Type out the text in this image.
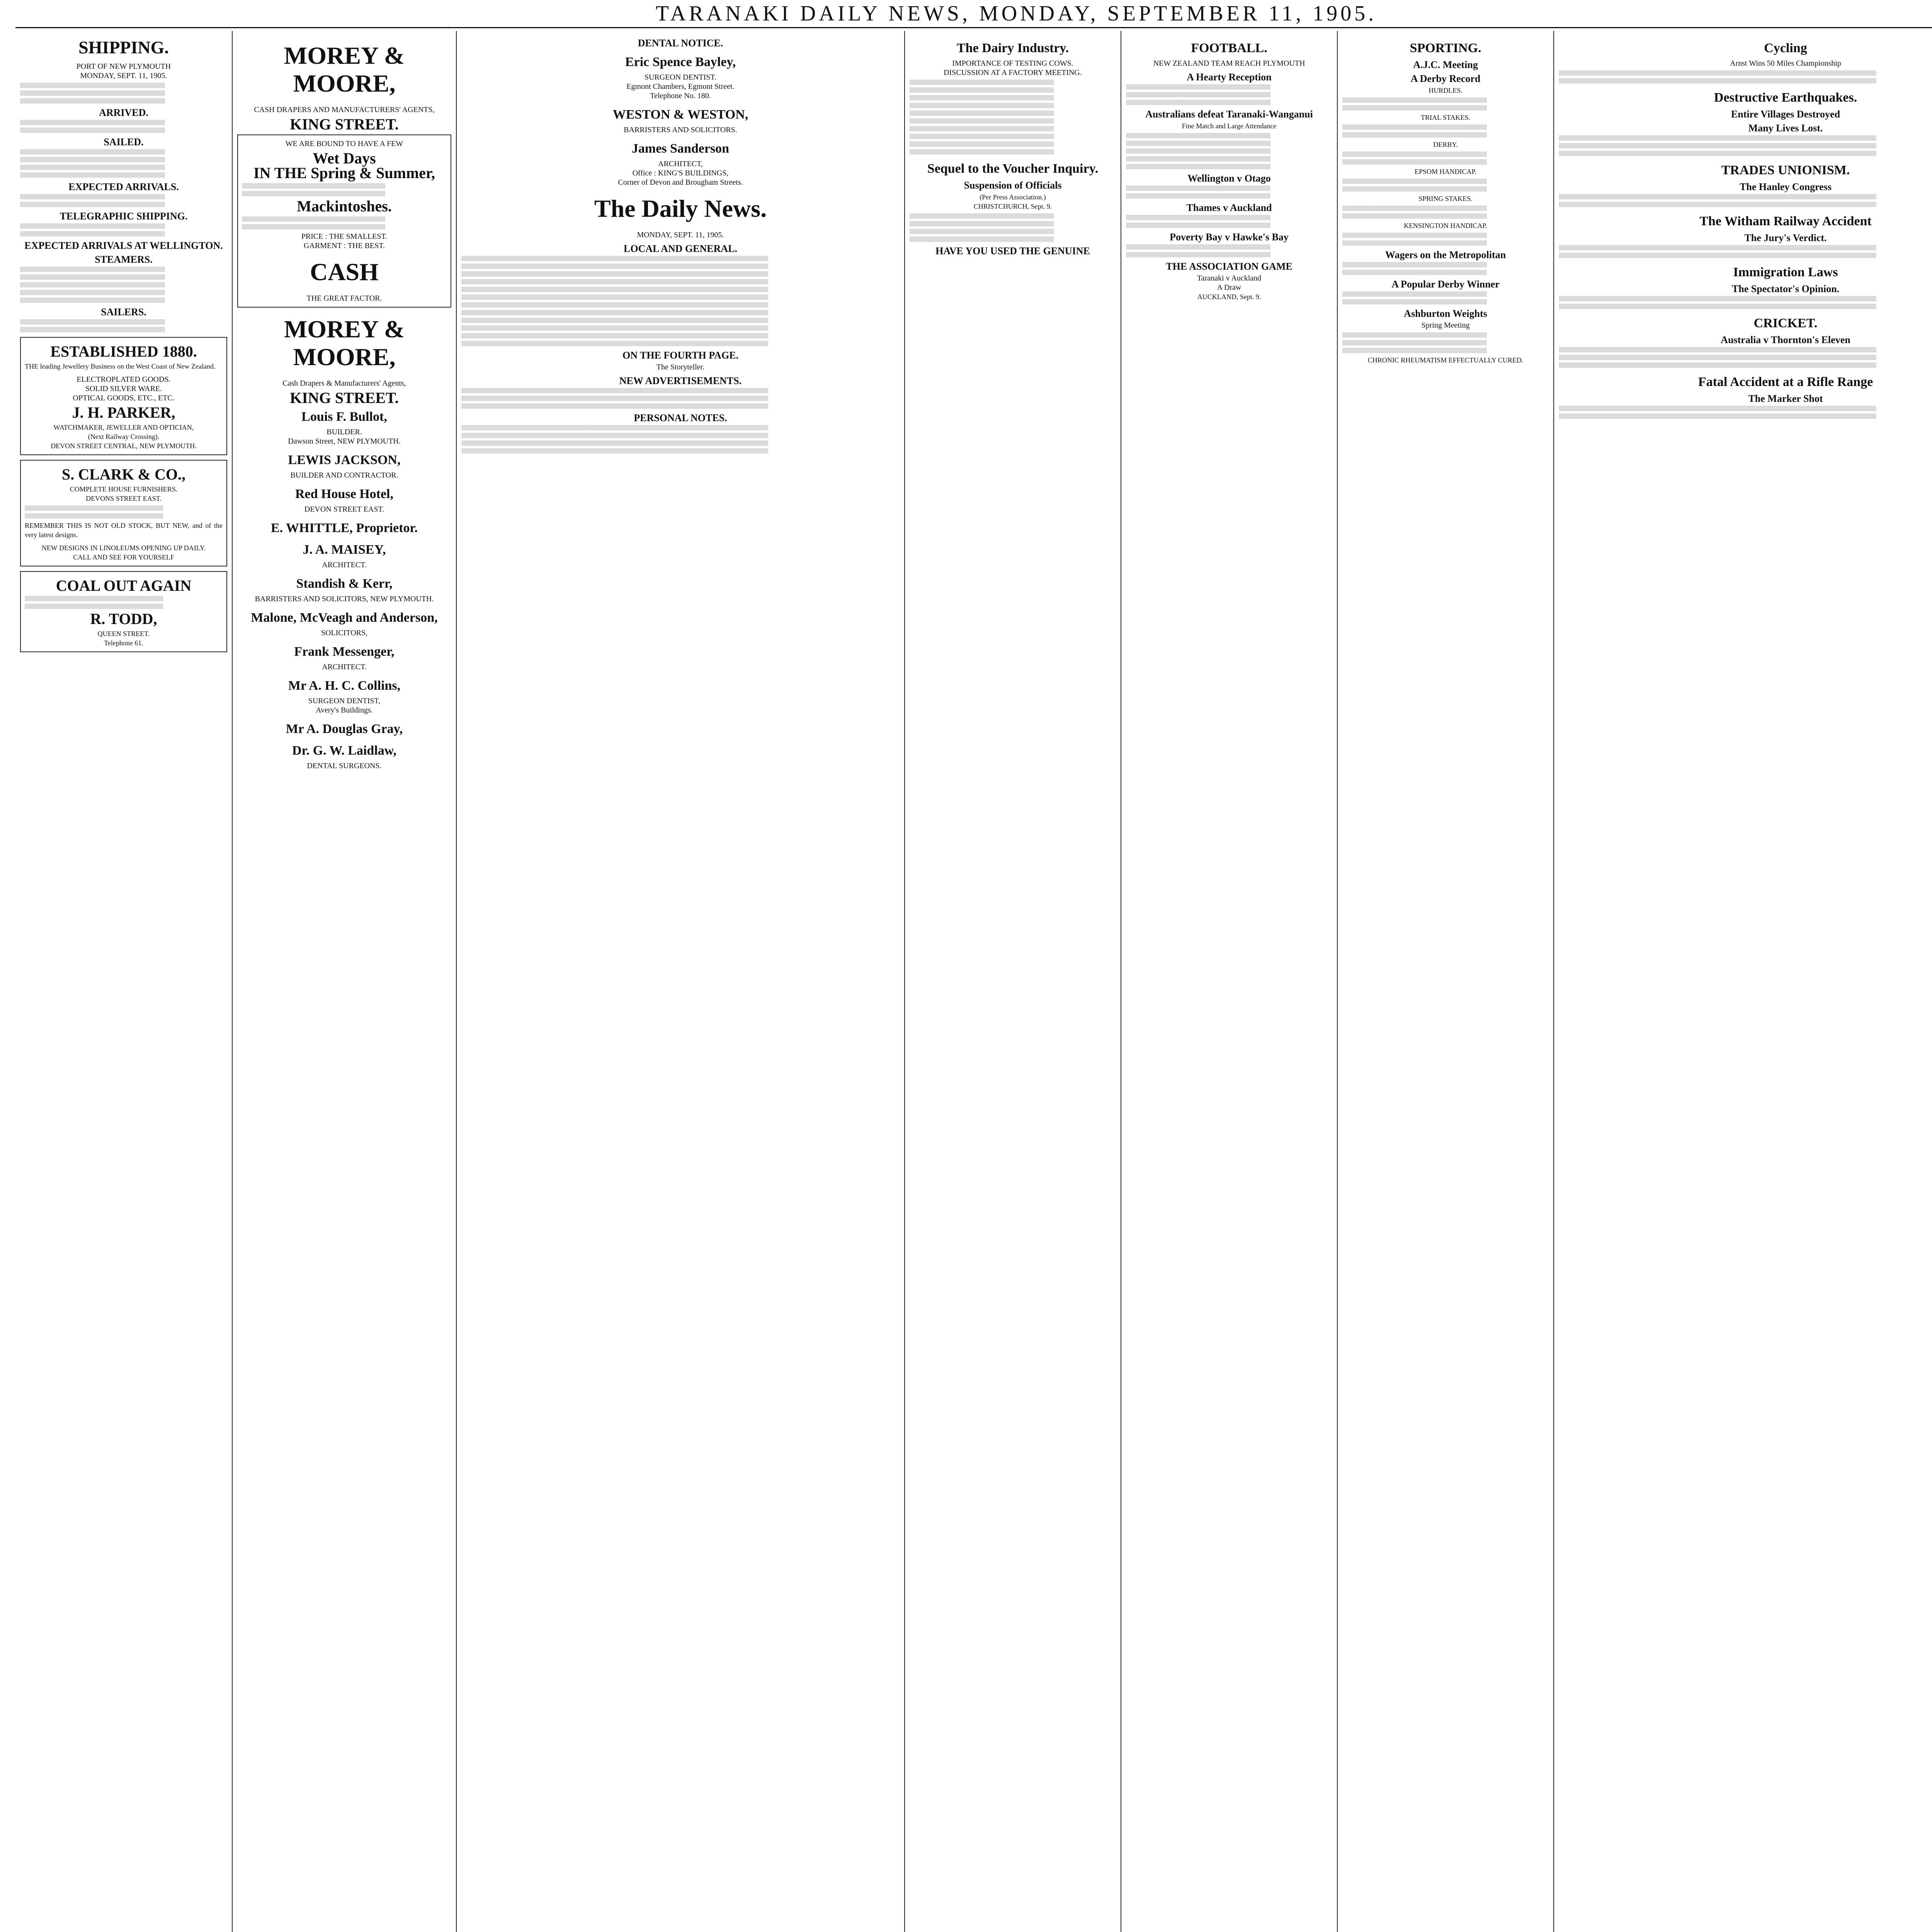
TARANAKI DAILY NEWS, MONDAY, SEPTEMBER 11, 1905.
SHIPPING.
PORT OF NEW PLYMOUTH
MONDAY, SEPT. 11, 1905.
ARRIVED.
SAILED.
EXPECTED ARRIVALS.
TELEGRAPHIC SHIPPING.
EXPECTED ARRIVALS AT WELLINGTON.
STEAMERS.
SAILERS.
ESTABLISHED 1880.
THE leading Jewellery Business on the West Coast of New Zealand.
ELECTROPLATED GOODS.
SOLID SILVER WARE.
OPTICAL GOODS, ETC., ETC.
J. H. PARKER,
WATCHMAKER, JEWELLER AND OPTICIAN,
(Next Railway Crossing).
DEVON STREET CENTRAL, NEW PLYMOUTH.
S. CLARK & CO.,
COMPLETE HOUSE FURNISHERS.
DEVONS STREET EAST.
REMEMBER THIS IS NOT OLD STOCK, BUT NEW, and of the very latest designs.
NEW DESIGNS IN LINOLEUMS OPENING UP DAILY.
CALL AND SEE FOR YOURSELF
COAL OUT AGAIN
R. TODD,
QUEEN STREET.
Telephone 61.
MOREY & MOORE,
CASH DRAPERS AND MANUFACTURERS' AGENTS,
KING STREET.
WE ARE BOUND TO HAVE A FEW
Wet Days
IN THE Spring & Summer,
Mackintoshes.
PRICE : THE SMALLEST.
GARMENT : THE BEST.
CASH
THE GREAT FACTOR.
MOREY & MOORE,
Cash Drapers & Manufacturers' Agents,
KING STREET.
Louis F. Bullot,
BUILDER.
Dawson Street, NEW PLYMOUTH.
LEWIS JACKSON,
BUILDER AND CONTRACTOR.
Red House Hotel,
DEVON STREET EAST.
E. WHITTLE, Proprietor.
J. A. MAISEY,
ARCHITECT.
Standish & Kerr,
BARRISTERS AND SOLICITORS, NEW PLYMOUTH.
Malone, McVeagh and Anderson,
SOLICITORS,
Frank Messenger,
ARCHITECT.
Mr A. H. C. Collins,
SURGEON DENTIST,
Avery's Buildings.
Mr A. Douglas Gray,
Dr. G. W. Laidlaw,
DENTAL SURGEONS.
DENTAL NOTICE.
Eric Spence Bayley,
SURGEON DENTIST.
Egmont Chambers, Egmont Street.
Telephone No. 180.
WESTON & WESTON,
BARRISTERS AND SOLICITORS.
James Sanderson
ARCHITECT,
Office : KING'S BUILDINGS,
Corner of Devon and Brougham Streets.
The Daily News.
MONDAY, SEPT. 11, 1905.
LOCAL AND GENERAL.
ON THE FOURTH PAGE.
The Storyteller.
NEW ADVERTISEMENTS.
PERSONAL NOTES.
The Dairy Industry.
IMPORTANCE OF TESTING COWS.
DISCUSSION AT A FACTORY MEETING.
Sequel to the Voucher Inquiry.
Suspension of Officials
(Per Press Association.)
CHRISTCHURCH, Sept. 9.
HAVE YOU USED THE GENUINE
FOOTBALL.
NEW ZEALAND TEAM REACH PLYMOUTH
A Hearty Reception
Australians defeat Taranaki-Wanganui
Fine Match and Large Attendance
Wellington v Otago
Thames v Auckland
Poverty Bay v Hawke's Bay
THE ASSOCIATION GAME
Taranaki v Auckland
A Draw
AUCKLAND, Sept. 9.
SPORTING.
A.J.C. Meeting
A Derby Record
HURDLES.
TRIAL STAKES.
DERBY.
EPSOM HANDICAP.
SPRING STAKES.
KENSINGTON HANDICAP.
Wagers on the Metropolitan
A Popular Derby Winner
Ashburton Weights
Spring Meeting
CHRONIC RHEUMATISM EFFECTUALLY CURED.
Cycling
Arnst Wins 50 Miles Championship
Destructive Earthquakes.
Entire Villages Destroyed
Many Lives Lost.
TRADES UNIONISM.
The Hanley Congress
The Witham Railway Accident
The Jury's Verdict.
Immigration Laws
The Spectator's Opinion.
CRICKET.
Australia v Thornton's Eleven
Fatal Accident at a Rifle Range
The Marker Shot
